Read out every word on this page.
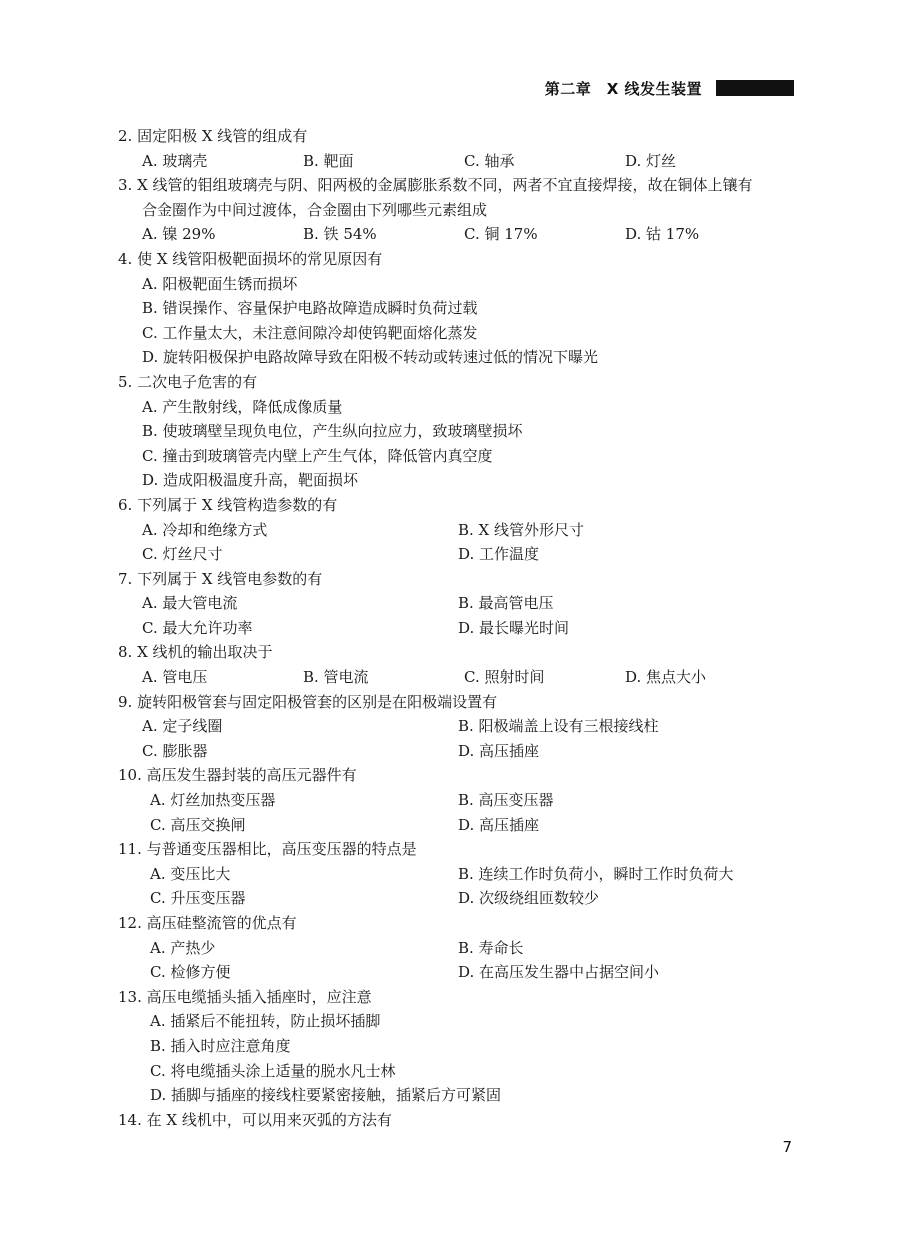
第二章　X 线发生装置
2. 固定阳极 X 线管的组成有
A. 玻璃壳	B. 靶面	C. 轴承	D. 灯丝
3. X 线管的钼组玻璃壳与阴、阳两极的金属膨胀系数不同，两者不宜直接焊接，故在铜体上镶有
合金圈作为中间过渡体，合金圈由下列哪些元素组成
A. 镍 29%	B. 铁 54%	C. 铜 17%	D. 钴 17%
4. 使 X 线管阳极靶面损坏的常见原因有
A. 阳极靶面生锈而损坏
B. 错误操作、容量保护电路故障造成瞬时负荷过载
C. 工作量太大，未注意间隙冷却使钨靶面熔化蒸发
D. 旋转阳极保护电路故障导致在阳极不转动或转速过低的情况下曝光
5. 二次电子危害的有
A. 产生散射线，降低成像质量
B. 使玻璃壁呈现负电位，产生纵向拉应力，致玻璃壁损坏
C. 撞击到玻璃管壳内壁上产生气体，降低管内真空度
D. 造成阳极温度升高，靶面损坏
6. 下列属于 X 线管构造参数的有
A. 冷却和绝缘方式	B. X 线管外形尺寸
C. 灯丝尺寸	D. 工作温度
7. 下列属于 X 线管电参数的有
A. 最大管电流	B. 最高管电压
C. 最大允许功率	D. 最长曝光时间
8. X 线机的输出取决于
A. 管电压	B. 管电流	C. 照射时间	D. 焦点大小
9. 旋转阳极管套与固定阳极管套的区别是在阳极端设置有
A. 定子线圈	B. 阳极端盖上设有三根接线柱
C. 膨胀器	D. 高压插座
10. 高压发生器封装的高压元器件有
A. 灯丝加热变压器	B. 高压变压器
C. 高压交换闸	D. 高压插座
11. 与普通变压器相比，高压变压器的特点是
A. 变压比大	B. 连续工作时负荷小，瞬时工作时负荷大
C. 升压变压器	D. 次级绕组匝数较少
12. 高压硅整流管的优点有
A. 产热少	B. 寿命长
C. 检修方便	D. 在高压发生器中占据空间小
13. 高压电缆插头插入插座时，应注意
A. 插紧后不能扭转，防止损坏插脚
B. 插入时应注意角度
C. 将电缆插头涂上适量的脱水凡士林
D. 插脚与插座的接线柱要紧密接触，插紧后方可紧固
14. 在 X 线机中，可以用来灭弧的方法有
7
